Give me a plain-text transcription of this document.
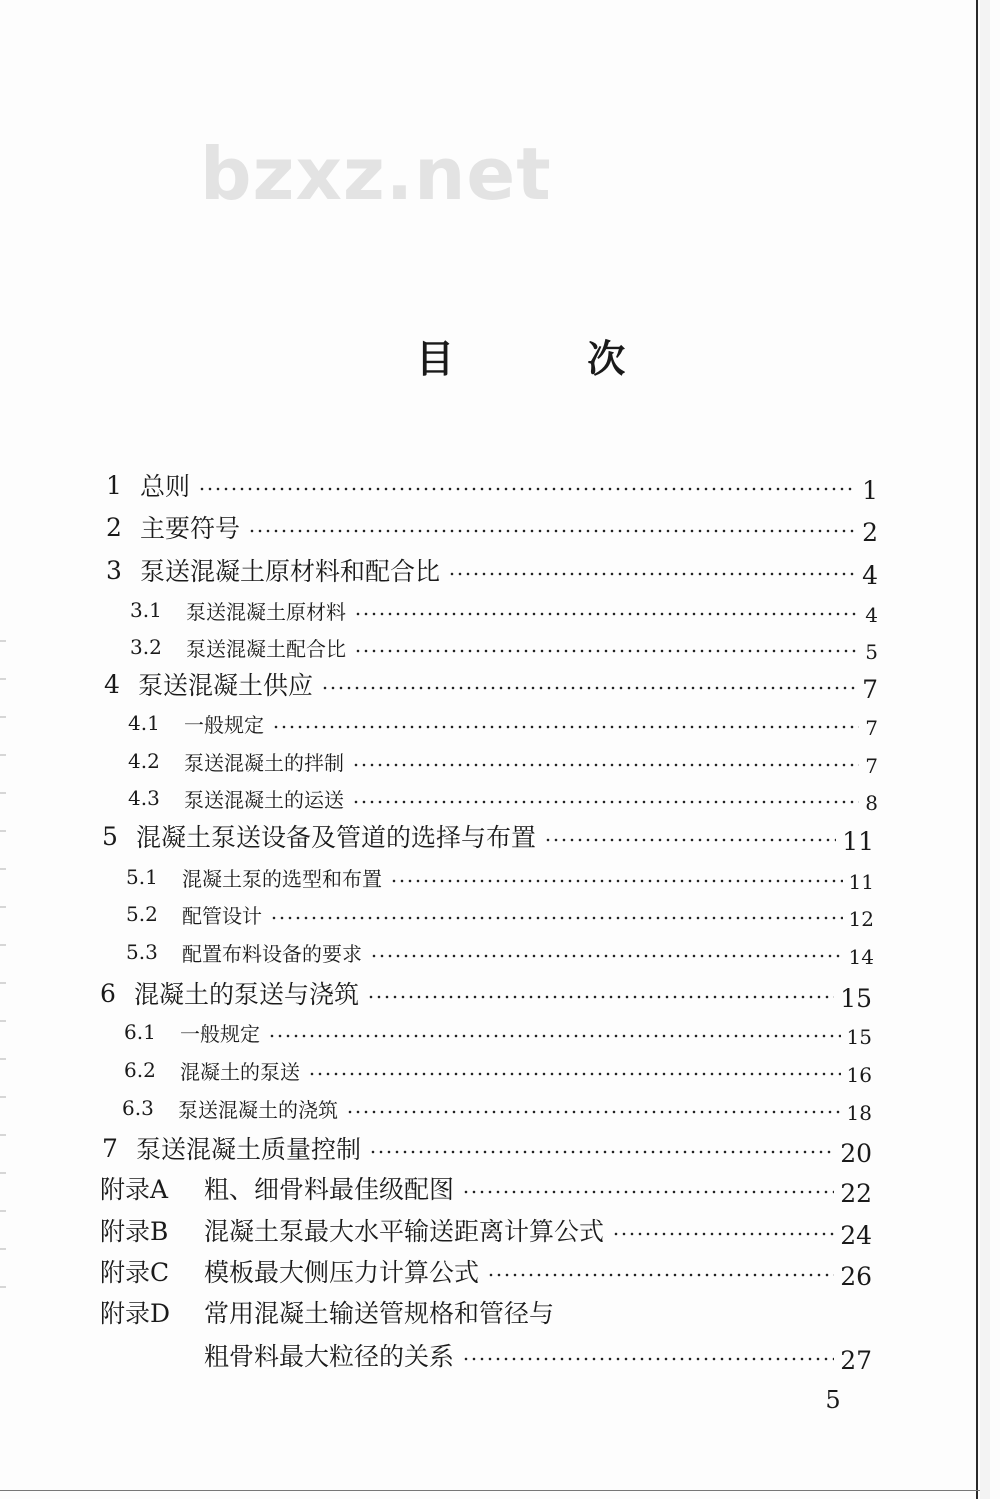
bzxz.net
目 次
1 总则	1
2 主要符号	2
3 泵送混凝土原材料和配合比	4
3.1	泵送混凝土原材料	4
3.2	泵送混凝土配合比	5
4 泵送混凝土供应	7
4.1	一般规定	7
4.2	泵送混凝土的拌制	7
4.3	泵送混凝土的运送	8
5 混凝土泵送设备及管道的选择与布置	11
5.1	混凝土泵的选型和布置	11
5.2	配管设计	12
5.3	配置布料设备的要求	14
6 混凝土的泵送与浇筑	15
6.1	一般规定	15
6.2	混凝土的泵送	16
6.3	泵送混凝土的浇筑	18
7 泵送混凝土质量控制	20
附录A	粗、细骨料最佳级配图	22
附录B	混凝土泵最大水平输送距离计算公式	24
附录C	模板最大侧压力计算公式	26
附录D	常用混凝土输送管规格和管径与
粗骨料最大粒径的关系	27
5
